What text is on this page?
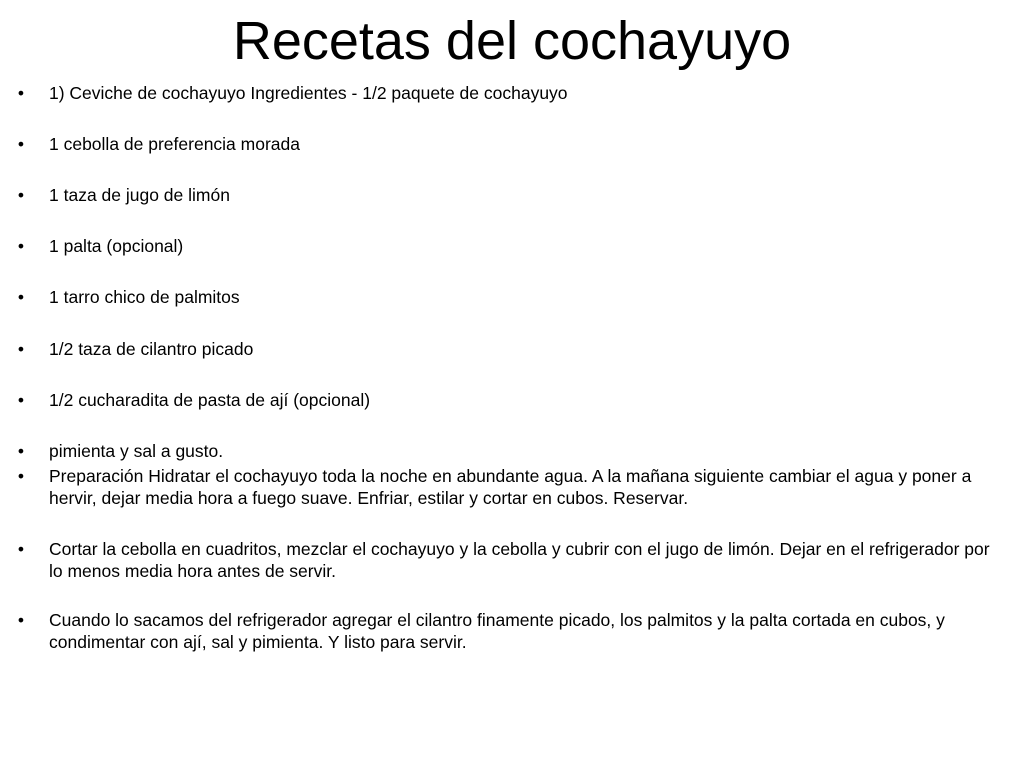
Recetas del cochayuyo
• 1) Ceviche de cochayuyo Ingredientes - 1/2 paquete de cochayuyo
• 1 cebolla de preferencia morada
• 1 taza de jugo de limón
• 1 palta (opcional)
• 1 tarro chico de palmitos
• 1/2 taza de cilantro picado
• 1/2 cucharadita de pasta de ají (opcional)
• pimienta y sal a gusto.
• Preparación Hidratar el cochayuyo toda la noche en abundante agua. A la mañana siguiente cambiar el agua y poner a hervir, dejar media hora a fuego suave. Enfriar, estilar y cortar en cubos. Reservar.
• Cortar la cebolla en cuadritos, mezclar el cochayuyo y la cebolla y cubrir con el jugo de limón. Dejar en el refrigerador por lo menos media hora antes de servir.
• Cuando lo sacamos del refrigerador agregar el cilantro finamente picado, los palmitos y la palta cortada en cubos, y condimentar con ají, sal y pimienta. Y listo para servir.
